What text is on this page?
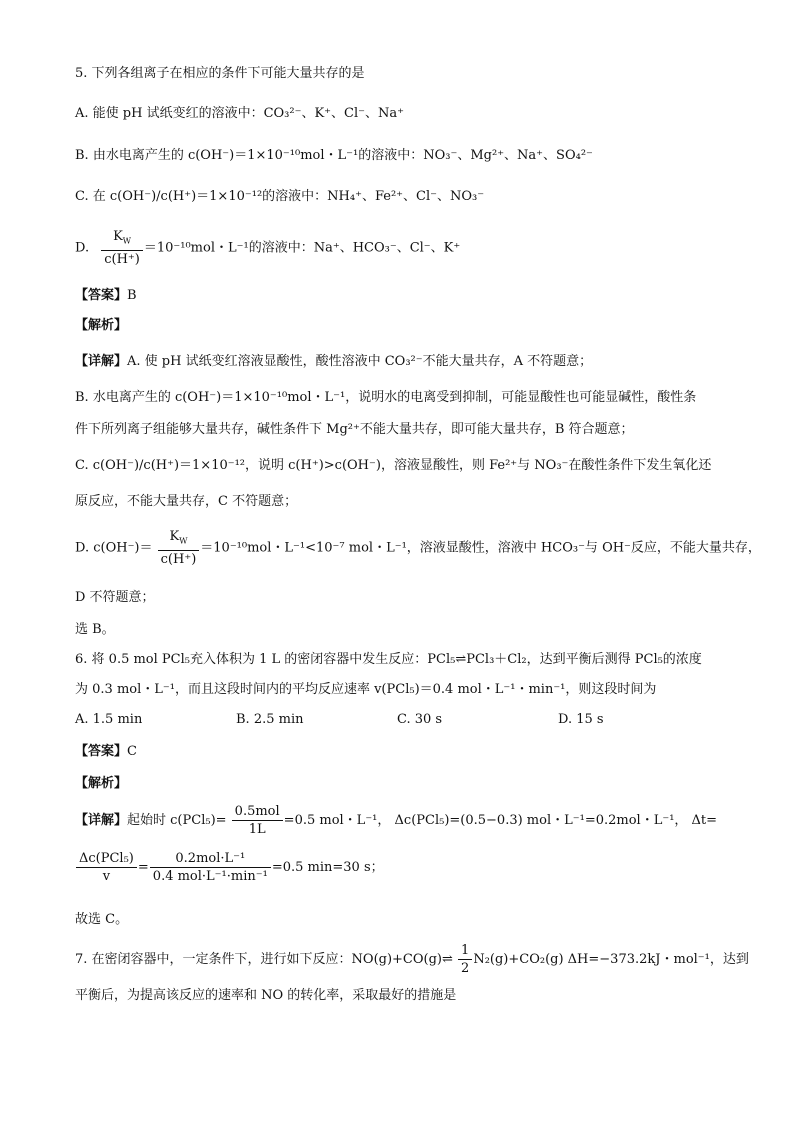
5. 下列各组离子在相应的条件下可能大量共存的是
A. 能使 pH 试纸变红的溶液中：CO₃²⁻、K⁺、Cl⁻、Na⁺
B. 由水电离产生的 c(OH⁻)＝1×10⁻¹⁰mol・L⁻¹的溶液中：NO₃⁻、Mg²⁺、Na⁺、SO₄²⁻
C. 在 c(OH⁻)/c(H⁺)＝1×10⁻¹²的溶液中：NH₄⁺、Fe²⁺、Cl⁻、NO₃⁻
D. $\frac{K_W}{c(H^+)} =10^{-10}mol$・L⁻¹的溶液中：Na⁺、HCO₃⁻、Cl⁻、K⁺
【答案】B
【解析】
【详解】A. 使 pH 试纸变红溶液显酸性，酸性溶液中 CO₃²⁻不能大量共存，A 不符题意；
B. 水电离产生的 c(OH⁻)＝1×10⁻¹⁰mol・L⁻¹，说明水的电离受到抑制，可能显酸性也可能显碱性，酸性条
件下所列离子组能够大量共存，碱性条件下 Mg²⁺不能大量共存，即可能大量共存，B 符合题意；
C. c(OH⁻)/c(H⁺)＝1×10⁻¹²，说明 c(H⁺)>c(OH⁻)，溶液显酸性，则 Fe²⁺与 NO₃⁻在酸性条件下发生氧化还
原反应，不能大量共存，C 不符题意；
D. $c(OH^-)= \frac{K_W}{c(H^+)} =10^{-10}mol$・L⁻¹<10⁻⁷ mol・L⁻¹，溶液显酸性，溶液中 HCO₃⁻与 OH⁻反应，不能大量共存，
D 不符题意；
选 B。
6. 将 0.5 mol PCl₅充入体积为 1 L 的密闭容器中发生反应：PCl₅⇌PCl₃＋Cl₂，达到平衡后测得 PCl₅的浓度
为 0.3 mol・L⁻¹，而且这段时间内的平均反应速率 v(PCl₅)＝0.4 mol・L⁻¹・min⁻¹，则这段时间为
A. 1.5 min	B. 2.5 min	C. 30 s	D. 15 s
【答案】C
【解析】
【详解】起始时 $c(PCl_5)= \frac{\text{0.5mol}}{1L} =0.5$ mol・L⁻¹， Δc(PCl₅)=(0.5−0.3) mol・L⁻¹=0.2mol・L⁻¹， Δt=
$\frac{\text{Δc(PCl₅)}}{v} = \frac{\text{0.2mol·L⁻¹}}{\text{0.4 mol·L⁻¹·min⁻¹}} =0.5$ min=30 s；
故选 C。
7. 在密闭容器中，一定条件下，进行如下反应：NO(g)+CO(g)⇌ $\frac{1}{2} N_2(g)+CO_2(g)$ ΔH=−373.2kJ・mol⁻¹，达到
平衡后，为提高该反应的速率和 NO 的转化率，采取最好的措施是
